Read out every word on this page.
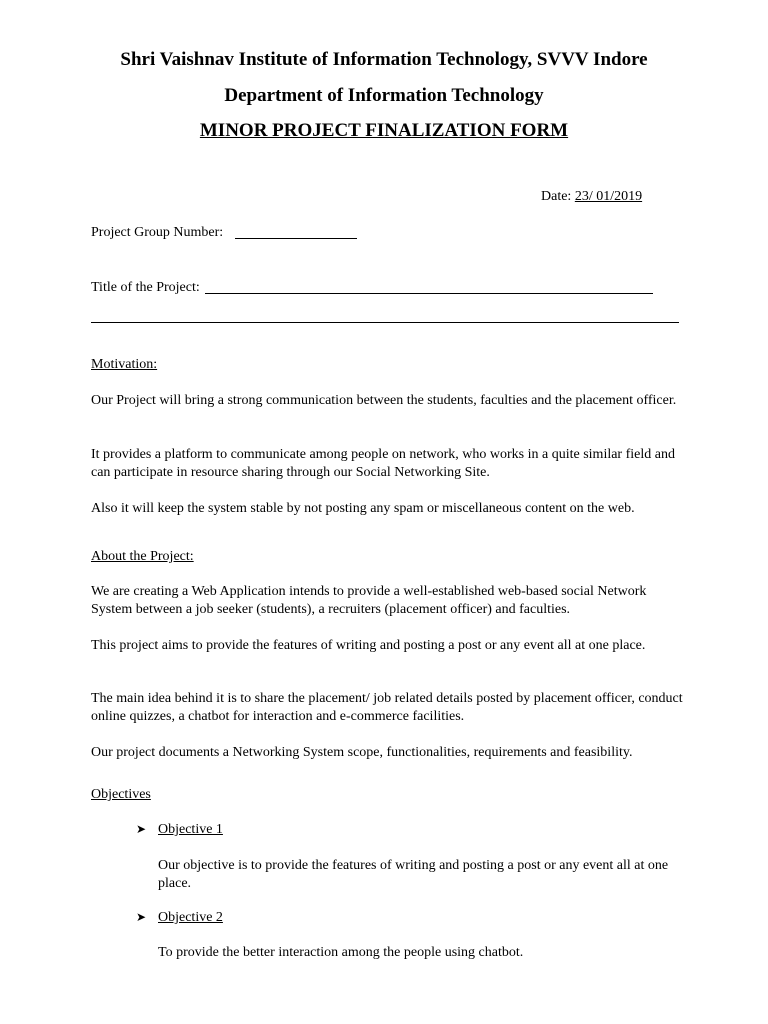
Shri Vaishnav Institute of Information Technology, SVVV Indore
Department of Information Technology
MINOR PROJECT FINALIZATION FORM
Date: 23/ 01/2019
Project Group Number:
Title of the Project:
Motivation:
Our Project will bring a strong communication between the students, faculties and the placement officer.
It provides a platform to communicate among people on network, who works in a quite similar field and can participate in resource sharing through our Social Networking Site.
Also it will keep the system stable by not posting any spam or miscellaneous content on the web.
About the Project:
We are creating a Web Application intends to provide a well-established web-based social Network System between a job seeker (students), a recruiters (placement officer) and faculties.
This project aims to provide the features of writing and posting a post or any event all at one place.
The main idea behind it is to share the placement/ job related details posted by placement officer, conduct online quizzes, a chatbot for interaction and e-commerce facilities.
Our project documents a Networking System scope, functionalities, requirements and feasibility.
Objectives
➤ Objective 1
Our objective is to provide the features of writing and posting a post or any event all at one place.
➤ Objective 2
To provide the better interaction among the people using chatbot.
